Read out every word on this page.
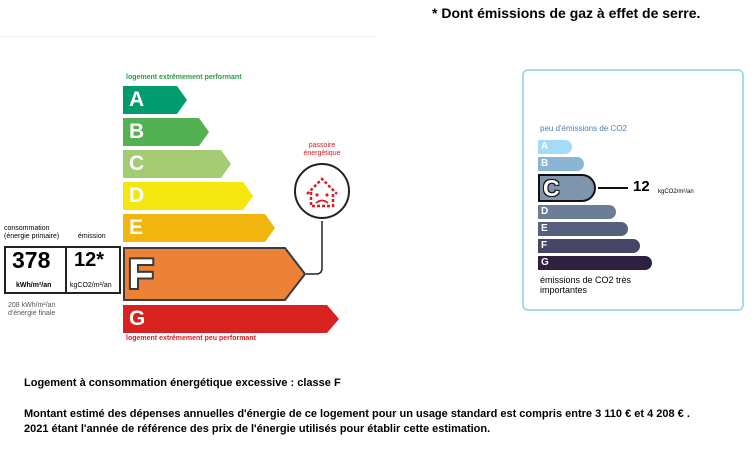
* Dont émissions de gaz à effet de serre.
logement extrêmement performant
A
B
C
D
E
F
G
logement extrêmement peu performant
consommation (énergie primaire)	émission
378
kWh/m²/an
12*
kgCO2/m²/an
208 kWh/m²/an d'énergie finale
passoire énergétique
peu d'émissions de CO2
A
B
C	12 kgCO2/m²/an
D
E
F
G
émissions de CO2 très importantes
Logement à consommation énergétique excessive : classe F
Montant estimé des dépenses annuelles d'énergie de ce logement pour un usage standard est compris entre 3 110 € et 4 208 € .
2021 étant l'année de référence des prix de l'énergie utilisés pour établir cette estimation.
